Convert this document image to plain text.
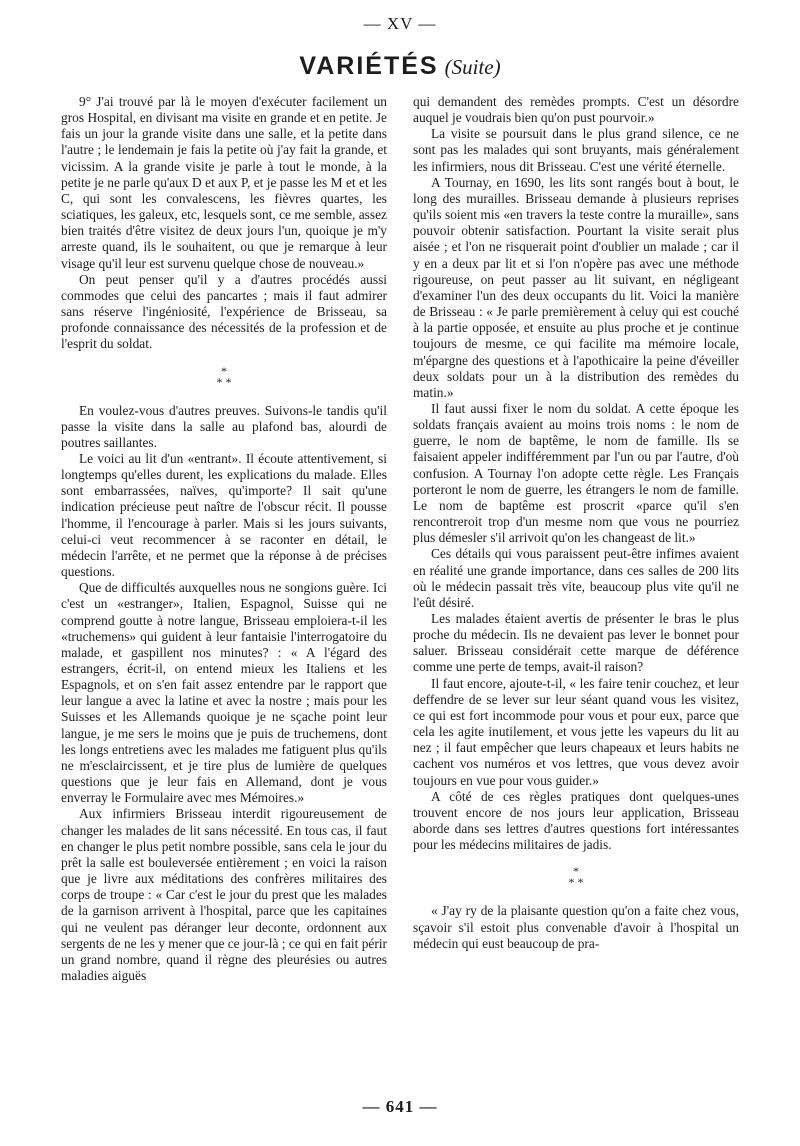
— XV —
VARIÉTÉS (Suite)

9° J'ai trouvé par là le moyen d'exécuter facilement un gros Hospital, en divisant ma visite en grande et en petite. Je fais un jour la grande visite dans une salle, et la petite dans l'autre ; le lendemain je fais la petite où j'ay fait la grande, et vicissim. A la grande visite je parle à tout le monde, à la petite je ne parle qu'aux D et aux P, et je passe les M et et les C, qui sont les convalescens, les fièvres quartes, les sciatiques, les galeux, etc, lesquels sont, ce me semble, assez bien traités d'être visitez de deux jours l'un, quoique je m'y arreste quand, ils le souhaitent, ou que je remarque à leur visage qu'il leur est survenu quelque chose de nouveau.»

On peut penser qu'il y a d'autres procédés aussi commodes que celui des pancartes ; mais il faut admirer sans réserve l'ingéniosité, l'expérience de Brisseau, sa profonde connaissance des nécessités de la profession et de l'esprit du soldat.

*
* *

En voulez-vous d'autres preuves. Suivons-le tandis qu'il passe la visite dans la salle au plafond bas, alourdi de poutres saillantes.

Le voici au lit d'un «entrant». Il écoute attentivement, si longtemps qu'elles durent, les explications du malade. Elles sont embarrassées, naïves, qu'importe? Il sait qu'une indication précieuse peut naître de l'obscur récit. Il pousse l'homme, il l'encourage à parler. Mais si les jours suivants, celui-ci veut recommencer à se raconter en détail, le médecin l'arrête, et ne permet que la réponse à de précises questions.

Que de difficultés auxquelles nous ne songions guère. Ici c'est un «estranger», Italien, Espagnol, Suisse qui ne comprend goutte à notre langue, Brisseau emploiera-t-il les «truchemens» qui guident à leur fantaisie l'interrogatoire du malade, et gaspillent nos minutes? : « A l'égard des estrangers, écrit-il, on entend mieux les Italiens et les Espagnols, et on s'en fait assez entendre par le rapport que leur langue a avec la latine et avec la nostre ; mais pour les Suisses et les Allemands quoique je ne sçache point leur langue, je me sers le moins que je puis de truchemens, dont les longs entretiens avec les malades me fatiguent plus qu'ils ne m'esclaircissent, et je tire plus de lumière de quelques questions que je leur fais en Allemand, dont je vous enverray le Formulaire avec mes Mémoires.»

Aux infirmiers Brisseau interdit rigoureusement de changer les malades de lit sans nécessité. En tous cas, il faut en changer le plus petit nombre possible, sans cela le jour du prêt la salle est bouleversée entièrement ; en voici la raison que je livre aux méditations des confrères militaires des corps de troupe : « Car c'est le jour du prest que les malades de la garnison arrivent à l'hospital, parce que les capitaines qui ne veulent pas déranger leur deconte, ordonnent aux sergents de ne les y mener que ce jour-là ; ce qui en fait périr un grand nombre, quand il règne des pleurésies ou autres maladies aiguës

qui demandent des remèdes prompts. C'est un désordre auquel je voudrais bien qu'on pust pourvoir.»

La visite se poursuit dans le plus grand silence, ce ne sont pas les malades qui sont bruyants, mais généralement les infirmiers, nous dit Brisseau. C'est une vérité éternelle.

A Tournay, en 1690, les lits sont rangés bout à bout, le long des murailles. Brisseau demande à plusieurs reprises qu'ils soient mis «en travers la teste contre la muraille», sans pouvoir obtenir satisfaction. Pourtant la visite serait plus aisée ; et l'on ne risquerait point d'oublier un malade ; car il y en a deux par lit et si l'on n'opère pas avec une méthode rigoureuse, on peut passer au lit suivant, en négligeant d'examiner l'un des deux occupants du lit. Voici la manière de Brisseau : « Je parle premièrement à celuy qui est couché à la partie opposée, et ensuite au plus proche et je continue toujours de mesme, ce qui facilite ma mémoire locale, m'épargne des questions et à l'apothicaire la peine d'éveiller deux soldats pour un à la distribution des remèdes du matin.»

Il faut aussi fixer le nom du soldat. A cette époque les soldats français avaient au moins trois noms : le nom de guerre, le nom de baptême, le nom de famille. Ils se faisaient appeler indifféremment par l'un ou par l'autre, d'où confusion. A Tournay l'on adopte cette règle. Les Français porteront le nom de guerre, les étrangers le nom de famille. Le nom de baptême est proscrit «parce qu'il s'en rencontreroit trop d'un mesme nom que vous ne pourriez plus démesler s'il arrivoit qu'on les changeast de lit.»

Ces détails qui vous paraissent peut-être infimes avaient en réalité une grande importance, dans ces salles de 200 lits où le médecin passait très vite, beaucoup plus vite qu'il ne l'eût désiré.

Les malades étaient avertis de présenter le bras le plus proche du médecin. Ils ne devaient pas lever le bonnet pour saluer. Brisseau considérait cette marque de déférence comme une perte de temps, avait-il raison?

Il faut encore, ajoute-t-il, « les faire tenir couchez, et leur deffendre de se lever sur leur séant quand vous les visitez, ce qui est fort incommode pour vous et pour eux, parce que cela les agite inutilement, et vous jette les vapeurs du lit au nez ; il faut empêcher que leurs chapeaux et leurs habits ne cachent vos numéros et vos lettres, que vous devez avoir toujours en vue pour vous guider.»

A côté de ces règles pratiques dont quelques-unes trouvent encore de nos jours leur application, Brisseau aborde dans ses lettres d'autres questions fort intéressantes pour les médecins militaires de jadis.

*
* *

« J'ay ry de la plaisante question qu'on a faite chez vous, sçavoir s'il estoit plus convenable d'avoir à l'hospital un médecin qui eust beaucoup de pra-

— 641 —
